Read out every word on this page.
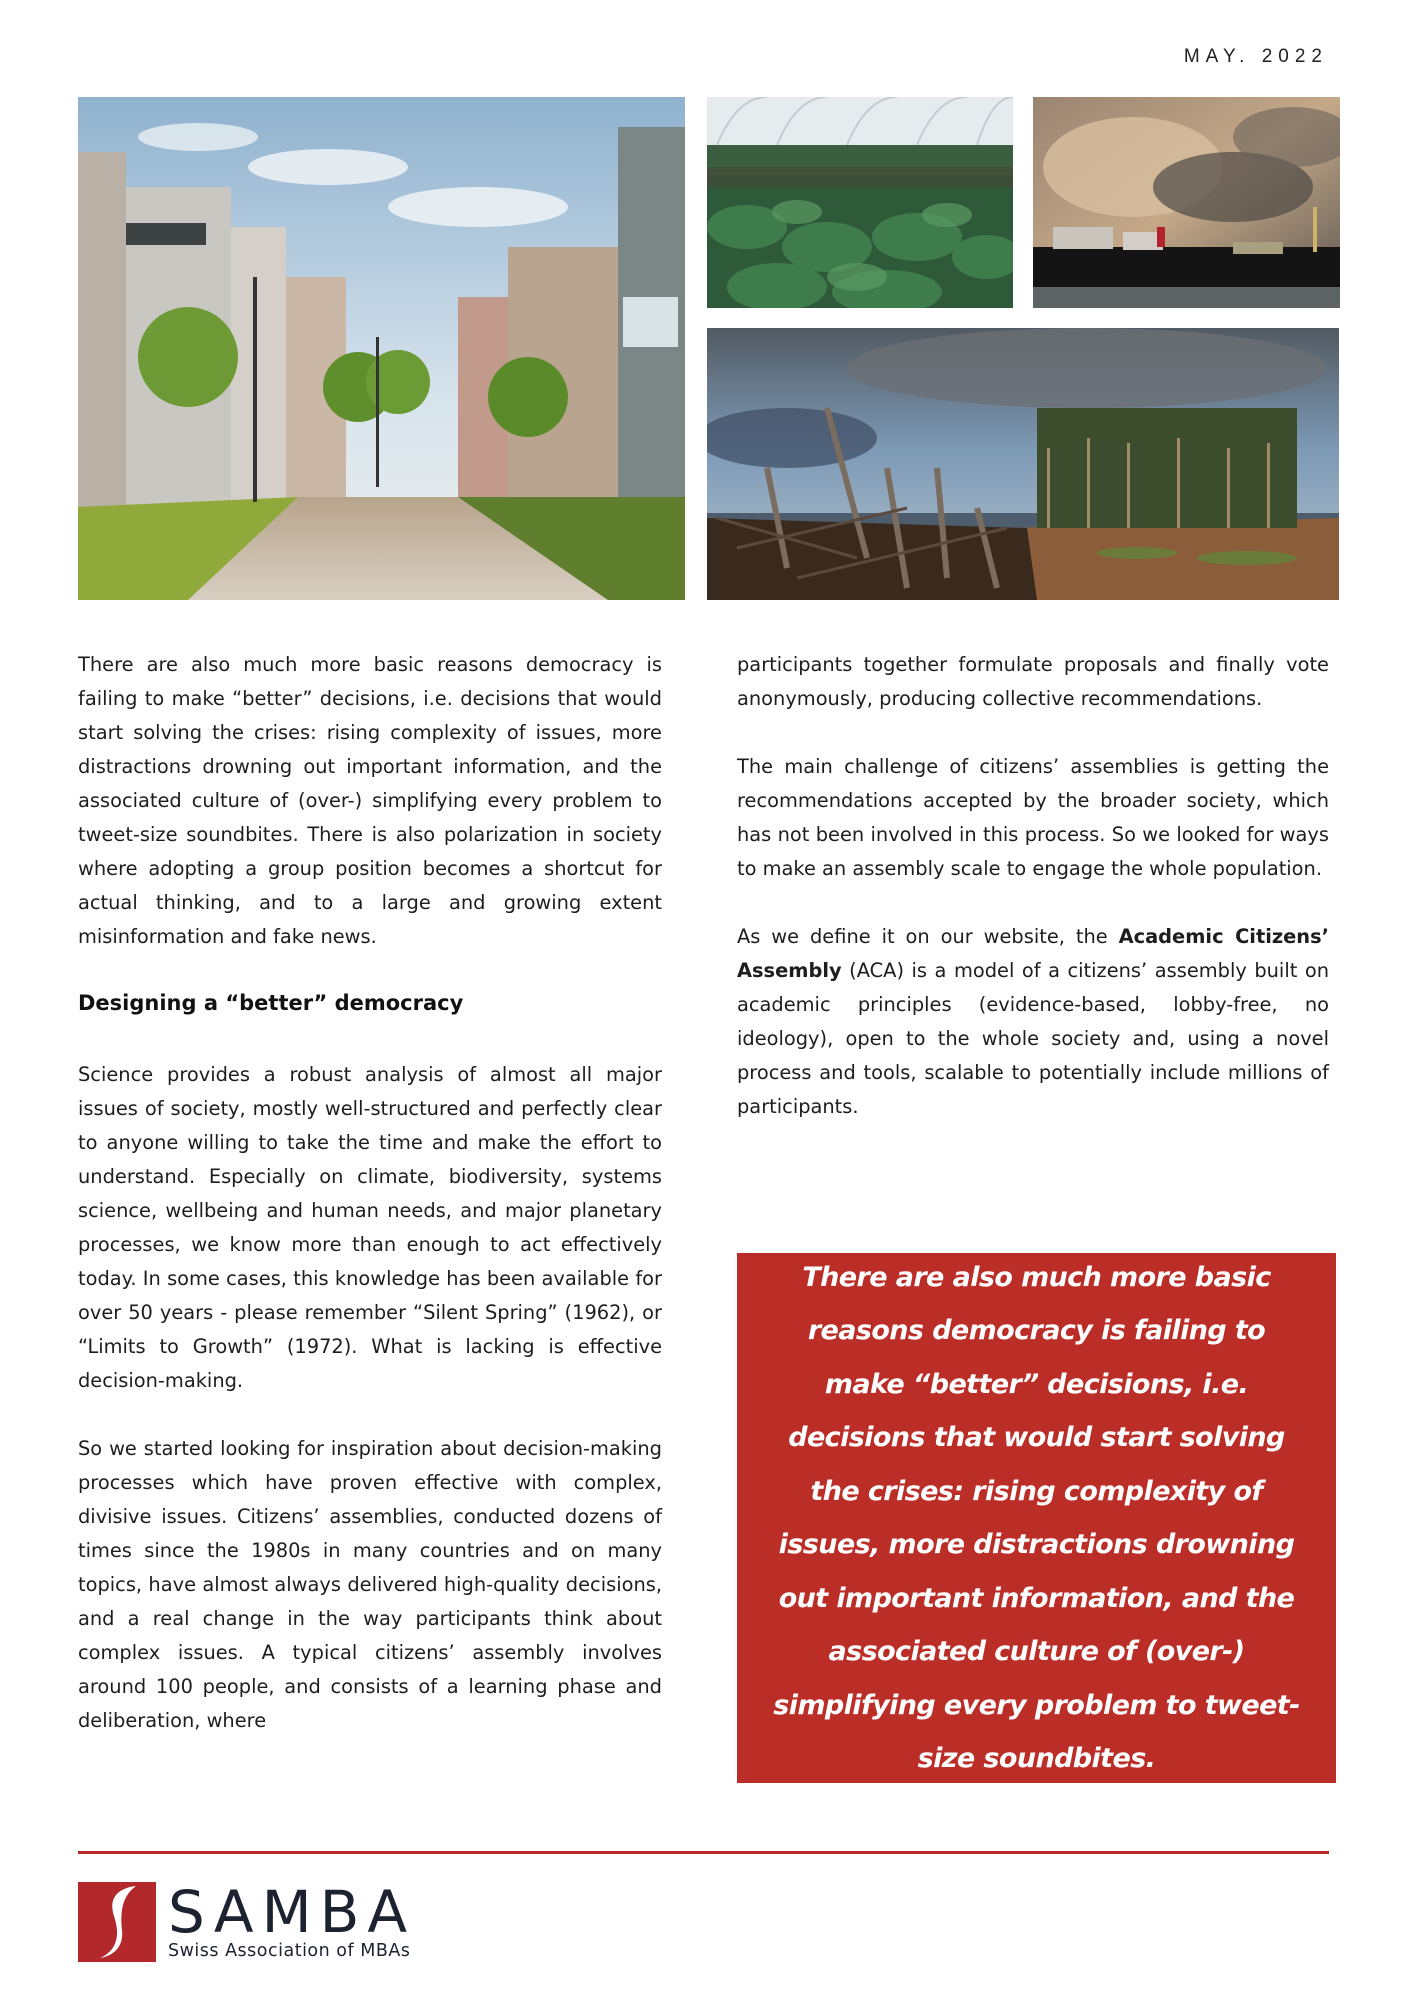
MAY. 2022

There are also much more basic reasons democracy is failing to make “better” decisions, i.e. decisions that would start solving the crises: rising complexity of issues, more distractions drowning out important information, and the associated culture of (over-) simplifying every problem to tweet-size soundbites. There is also polarization in society where adopting a group position becomes a shortcut for actual thinking, and to a large and growing extent misinformation and fake news.

Designing a “better” democracy

Science provides a robust analysis of almost all major issues of society, mostly well-structured and perfectly clear to anyone willing to take the time and make the effort to understand. Especially on climate, biodiversity, systems science, wellbeing and human needs, and major planetary processes, we know more than enough to act effectively today. In some cases, this knowledge has been available for over 50 years - please remember “Silent Spring” (1962), or “Limits to Growth” (1972). What is lacking is effective decision-making.

So we started looking for inspiration about decision-making processes which have proven effective with complex, divisive issues. Citizens’ assemblies, conducted dozens of times since the 1980s in many countries and on many topics, have almost always delivered high-quality decisions, and a real change in the way participants think about complex issues. A typical citizens’ assembly involves around 100 people, and consists of a learning phase and deliberation, where

participants together formulate proposals and finally vote anonymously, producing collective recommendations.

The main challenge of citizens’ assemblies is getting the recommendations accepted by the broader society, which has not been involved in this process. So we looked for ways to make an assembly scale to engage the whole population.

As we define it on our website, the Academic Citizens’ Assembly (ACA) is a model of a citizens’ assembly built on academic principles (evidence-based, lobby-free, no ideology), open to the whole society and, using a novel process and tools, scalable to potentially include millions of participants.

There are also much more basic reasons democracy is failing to make “better” decisions, i.e. decisions that would start solving the crises: rising complexity of issues, more distractions drowning out important information, and the associated culture of (over-) simplifying every problem to tweet-size soundbites.
SAMBA
Swiss Association of MBAs
